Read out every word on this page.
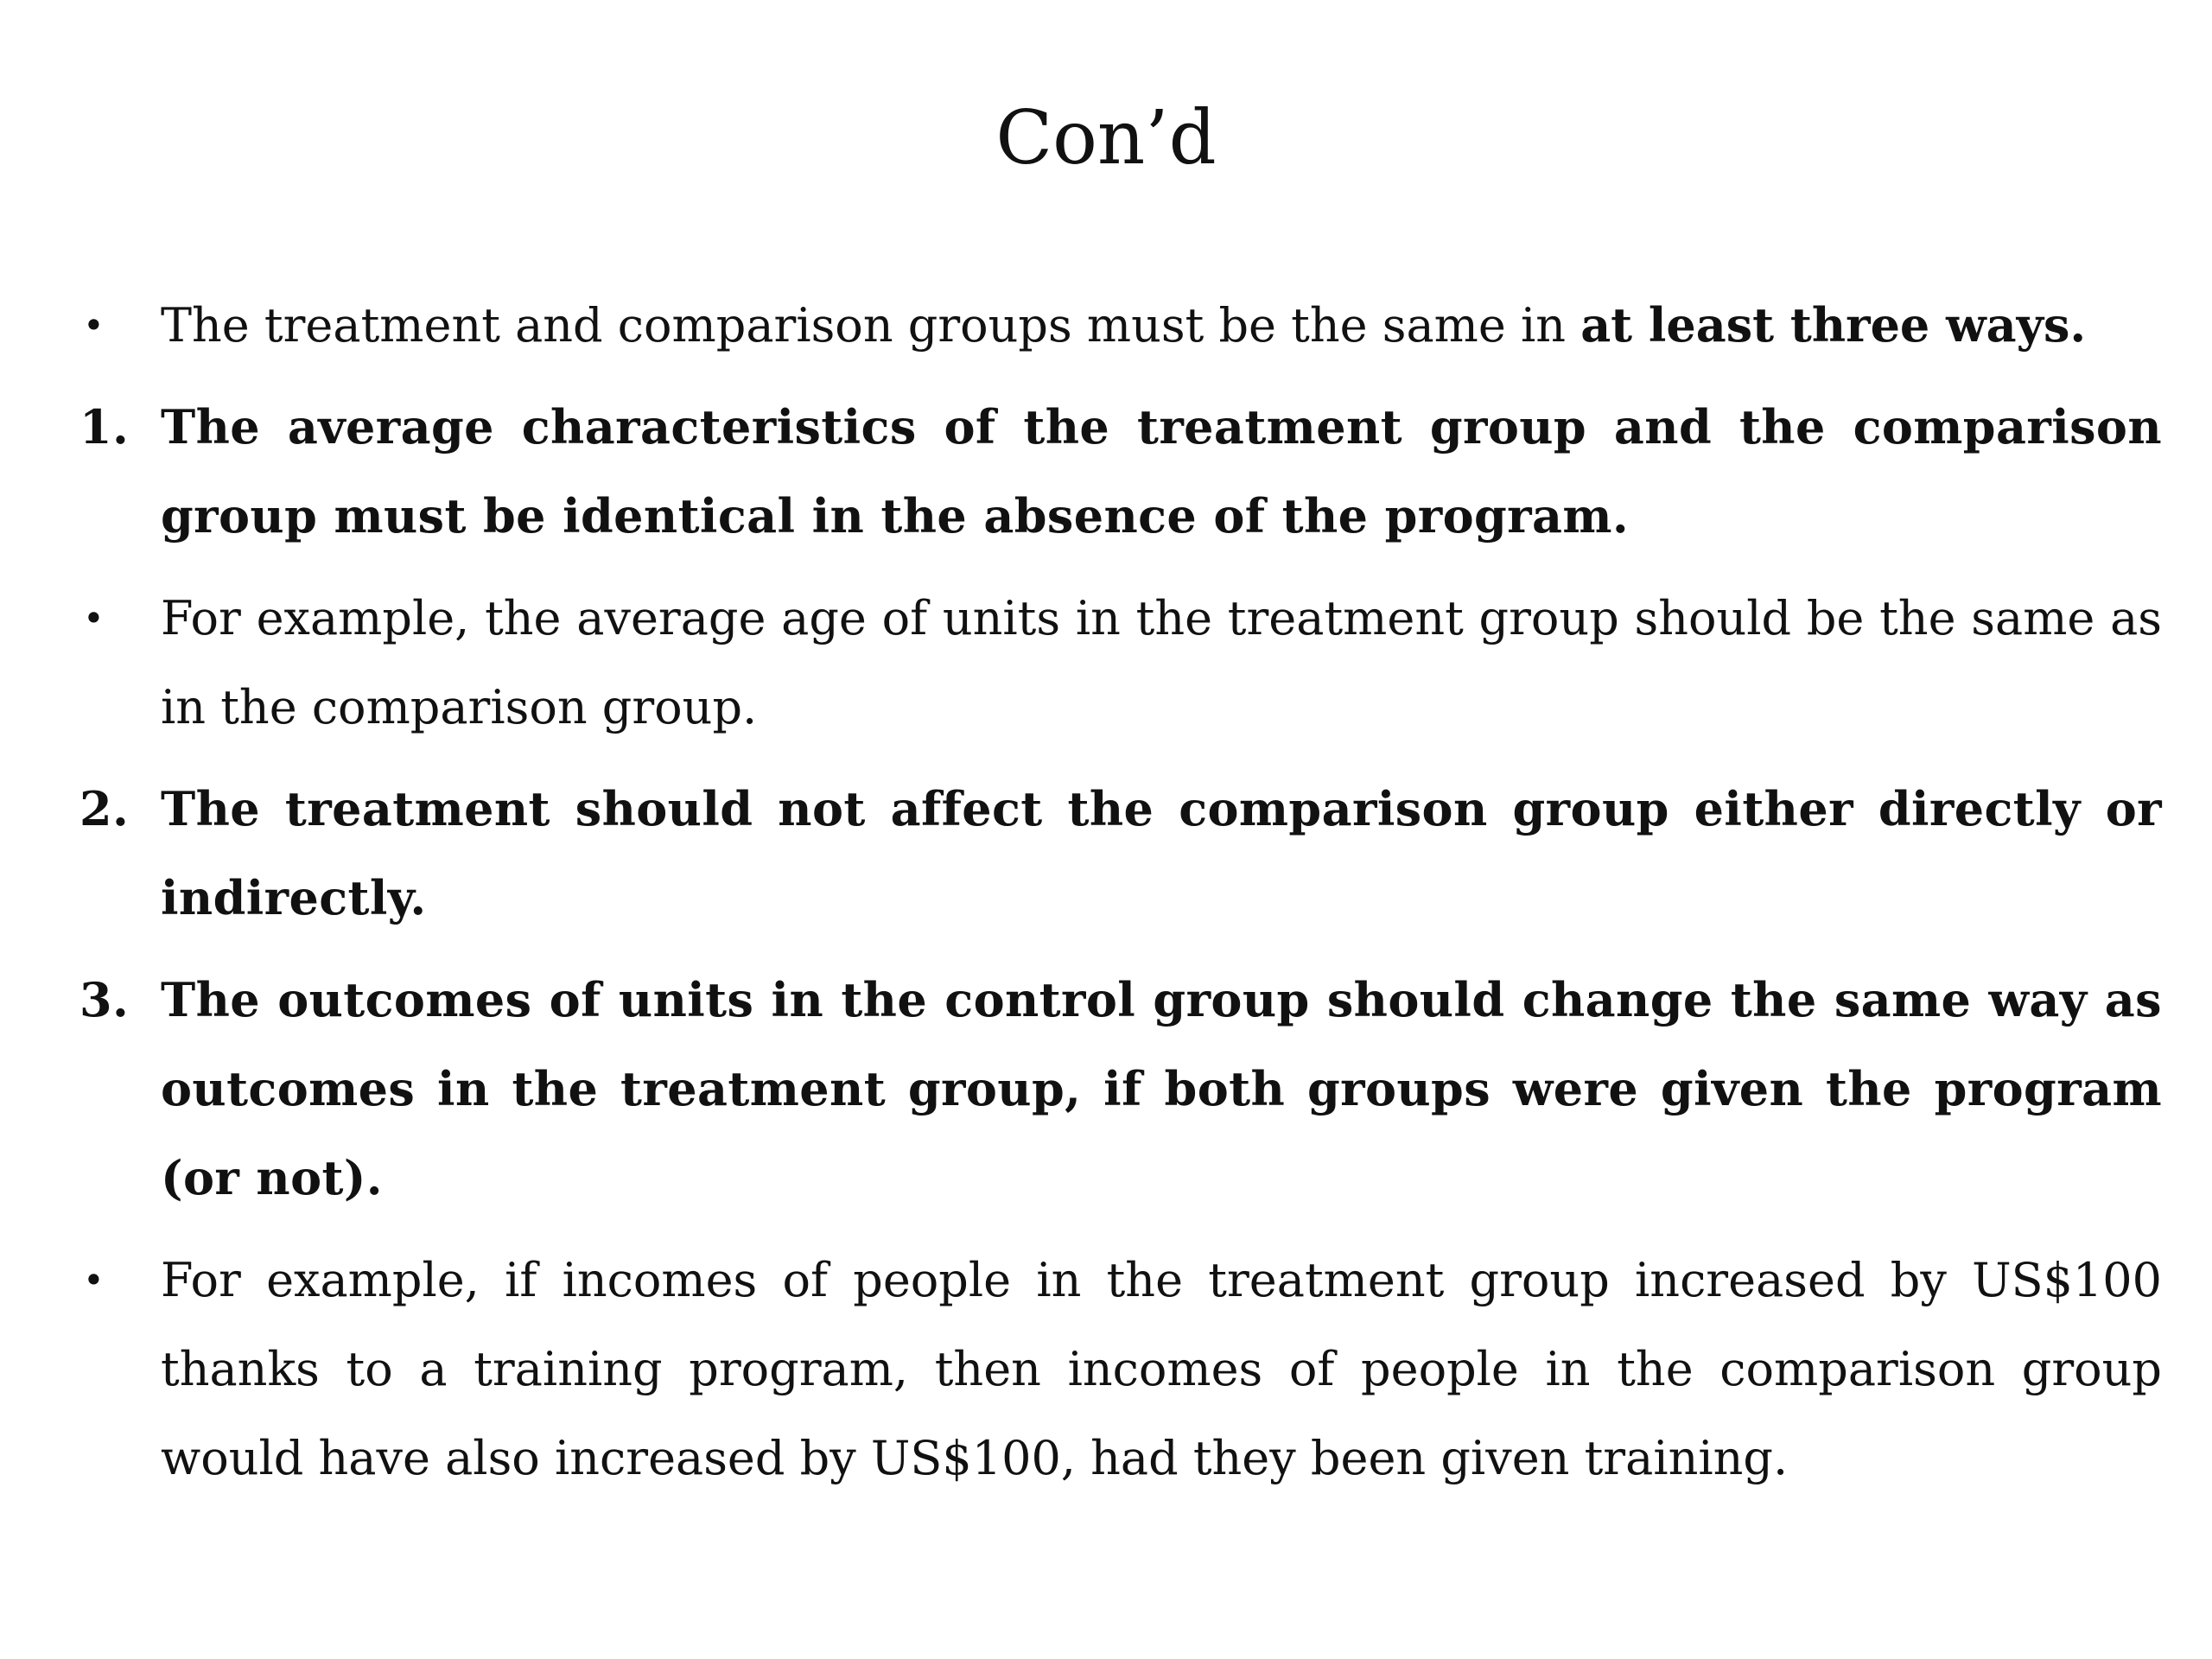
Con’d

•	The treatment and comparison groups must be the same in at least three ways.

1. The average characteristics of the treatment group and the comparison group must be identical in the absence of the program.

•	For example, the average age of units in the treatment group should be the same as in the comparison group.

2. The treatment should not affect the comparison group either directly or indirectly.

3. The outcomes of units in the control group should change the same way as outcomes in the treatment group, if both groups were given the program (or not).

•	For example, if incomes of people in the treatment group increased by US$100 thanks to a training program, then incomes of people in the comparison group would have also increased by US$100, had they been given training.
